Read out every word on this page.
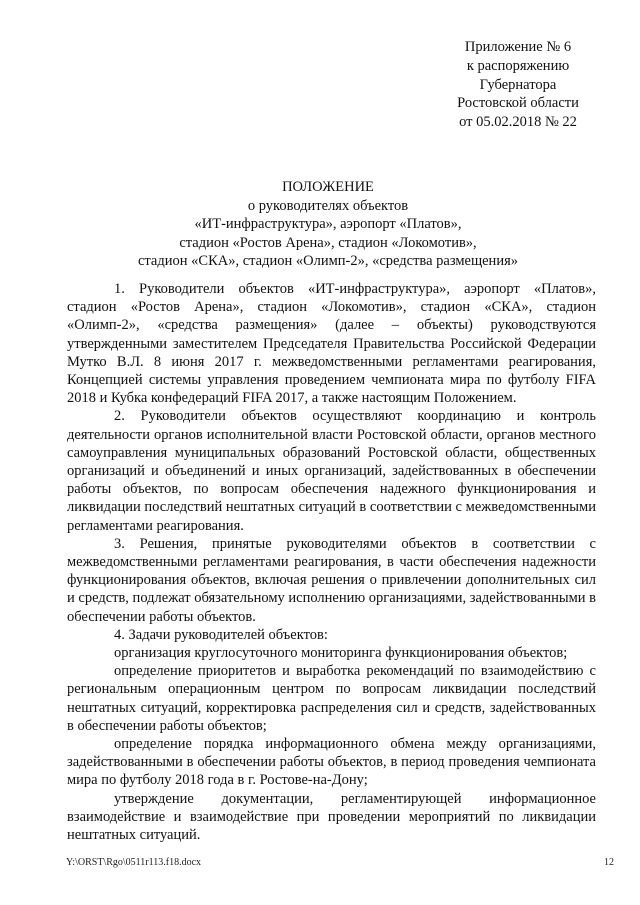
Приложение № 6
к распоряжению
Губернатора
Ростовской области
от 05.02.2018 № 22
ПОЛОЖЕНИЕ
о руководителях объектов
«ИТ-инфраструктура», аэропорт «Платов»,
стадион «Ростов Арена», стадион «Локомотив»,
стадион «СКА», стадион «Олимп-2», «средства размещения»

1. Руководители объектов «ИТ-инфраструктура», аэропорт «Платов», стадион «Ростов Арена», стадион «Локомотив», стадион «СКА», стадион «Олимп-2», «средства размещения» (далее – объекты) руководствуются утвержденными заместителем Председателя Правительства Российской Федерации Мутко В.Л. 8 июня 2017 г. межведомственными регламентами реагирования, Концепцией системы управления проведением чемпионата мира по футболу FIFA 2018 и Кубка конфедераций FIFA 2017, а также настоящим Положением.

2. Руководители объектов осуществляют координацию и контроль деятельности органов исполнительной власти Ростовской области, органов местного самоуправления муниципальных образований Ростовской области, общественных организаций и объединений и иных организаций, задействованных в обеспечении работы объектов, по вопросам обеспечения надежного функционирования и ликвидации последствий нештатных ситуаций в соответствии с межведомственными регламентами реагирования.

3. Решения, принятые руководителями объектов в соответствии с межведомственными регламентами реагирования, в части обеспечения надежности функционирования объектов, включая решения о привлечении дополнительных сил и средств, подлежат обязательному исполнению организациями, задействованными в обеспечении работы объектов.

4. Задачи руководителей объектов:

организация круглосуточного мониторинга функционирования объектов;

определение приоритетов и выработка рекомендаций по взаимодействию с региональным операционным центром по вопросам ликвидации последствий нештатных ситуаций, корректировка распределения сил и средств, задействованных в обеспечении работы объектов;

определение порядка информационного обмена между организациями, задействованными в обеспечении работы объектов, в период проведения чемпионата мира по футболу 2018 года в г. Ростове-на-Дону;

утверждение документации, регламентирующей информационное взаимодействие и взаимодействие при проведении мероприятий по ликвидации нештатных ситуаций.

Y:\ORST\Rgo\0511r113.f18.docx	12
